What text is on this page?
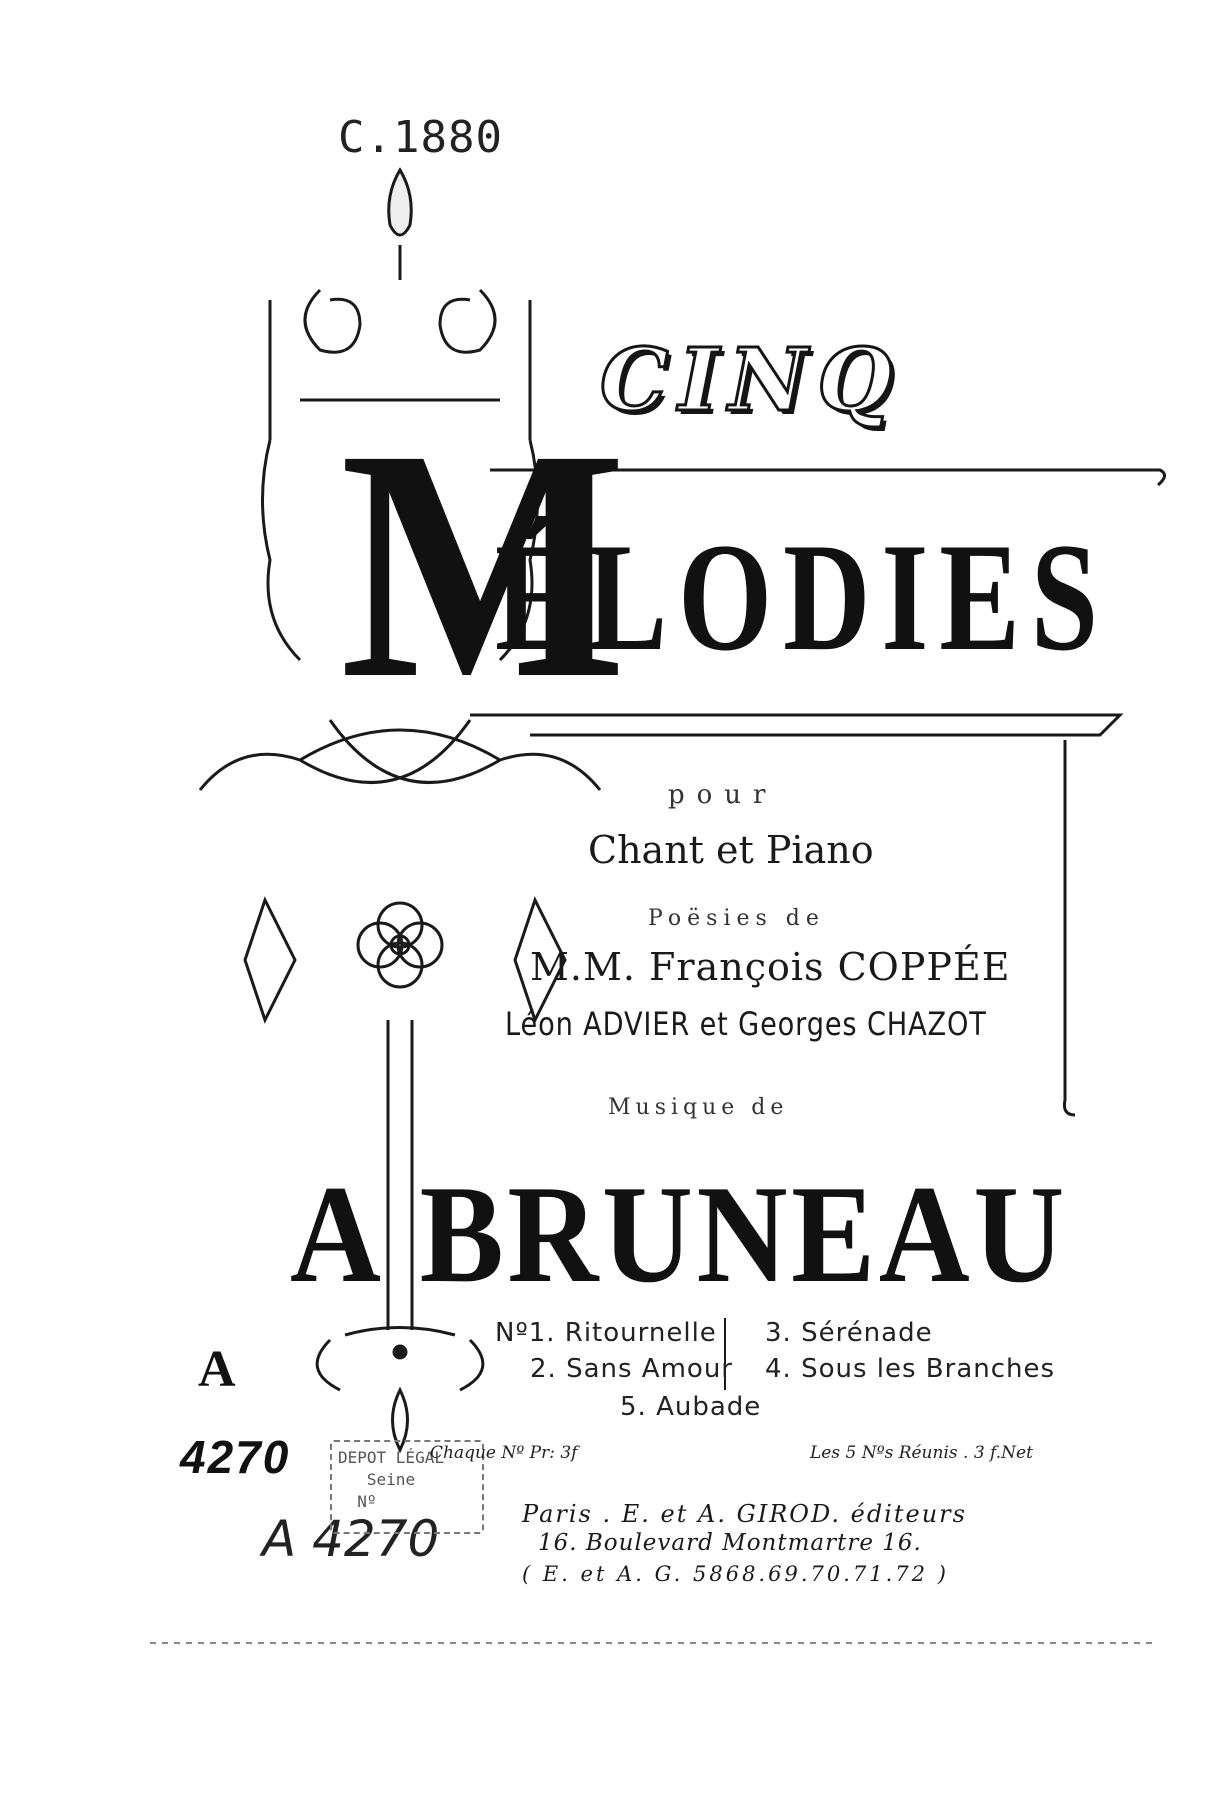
C.1880
CINQ
M
ÉLODIES
pour
Chant et Piano
Poësies de
M.M. François COPPÉE
Léon ADVIER et Georges CHAZOT
Musique de
A BRUNEAU
Nº1. Ritournelle
2. Sans Amour
3. Sérénade
4. Sous les Branches
5. Aubade
A
4270
A 4270
DEPOT LÉGAL
Seine
Nº
Chaque Nº Pr: 3f	Les 5 Nºs Réunis . 3 f.Net
Paris . E. et A. GIROD. éditeurs
16. Boulevard Montmartre 16.
( E. et A. G. 5868.69.70.71.72 )
